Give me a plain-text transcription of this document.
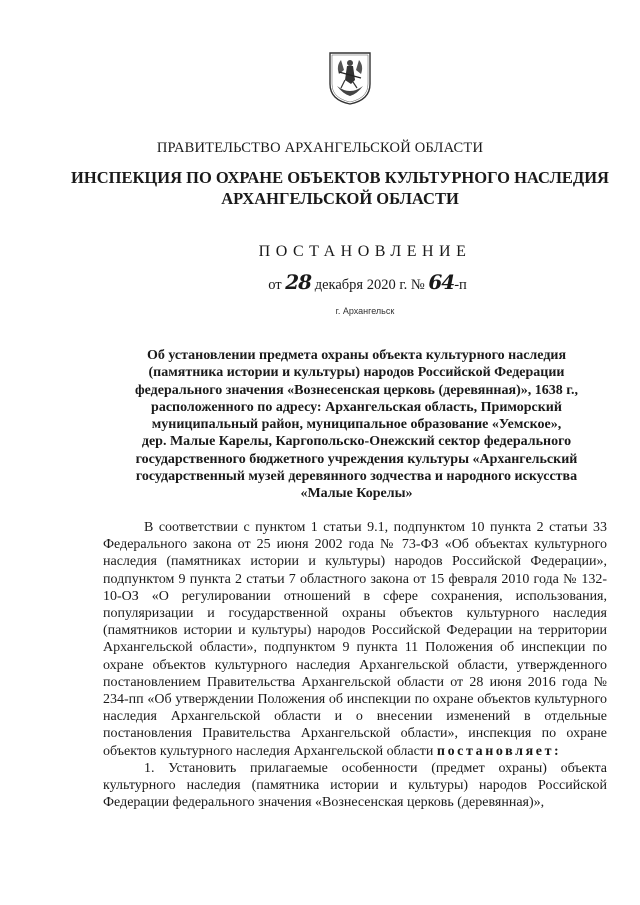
ПРАВИТЕЛЬСТВО АРХАНГЕЛЬСКОЙ ОБЛАСТИ
ИНСПЕКЦИЯ ПО ОХРАНЕ ОБЪЕКТОВ КУЛЬТУРНОГО НАСЛЕДИЯ
АРХАНГЕЛЬСКОЙ ОБЛАСТИ
ПОСТАНОВЛЕНИЕ
от 28 декабря 2020 г. № 64-п
г. Архангельск
Об установлении предмета охраны объекта культурного наследия
(памятника истории и культуры) народов Российской Федерации
федерального значения «Вознесенская церковь (деревянная)», 1638 г.,
расположенного по адресу: Архангельская область, Приморский
муниципальный район, муниципальное образование «Уемское»,
дер. Малые Карелы, Каргопольско-Онежский сектор федерального
государственного бюджетного учреждения культуры «Архангельский
государственный музей деревянного зодчества и народного искусства
«Малые Корелы»

В соответствии с пунктом 1 статьи 9.1, подпунктом 10 пункта 2 статьи 33 Федерального закона от 25 июня 2002 года № 73-ФЗ «Об объектах культурного наследия (памятниках истории и культуры) народов Российской Федерации», подпунктом 9 пункта 2 статьи 7 областного закона от 15 февраля 2010 года № 132-10-ОЗ «О регулировании отношений в сфере сохранения, использования, популяризации и государственной охраны объектов культурного наследия (памятников истории и культуры) народов Российской Федерации на территории Архангельской области», подпунктом 9 пункта 11 Положения об инспекции по охране объектов культурного наследия Архангельской области, утвержденного постановлением Правительства Архангельской области от 28 июня 2016 года № 234-пп «Об утверждении Положения об инспекции по охране объектов культурного наследия Архангельской области и о внесении изменений в отдельные постановления Правительства Архангельской области», инспекция по охране объектов культурного наследия Архангельской области постановляет:

1. Установить прилагаемые особенности (предмет охраны) объекта культурного наследия (памятника истории и культуры) народов Российской Федерации федерального значения «Вознесенская церковь (деревянная)»,
